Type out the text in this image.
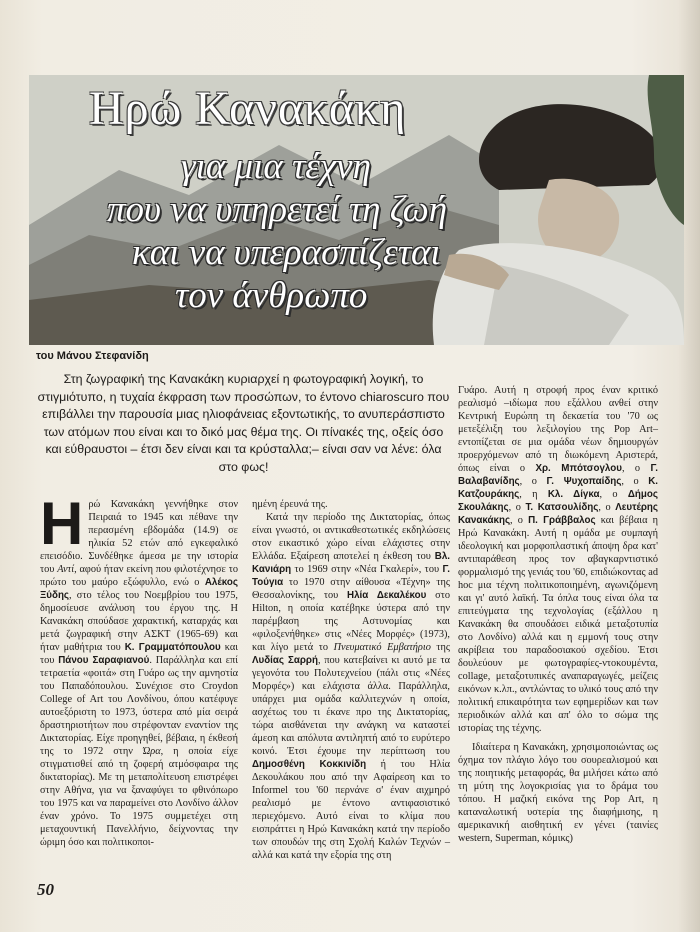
Ηρώ Κανακάκη
για μια τέχνη
που να υπηρετεί τη ζωή
και να υπερασπίζεται
τον άνθρωπο
του Μάνου Στεφανίδη
Στη ζωγραφική της Κανακάκη κυριαρχεί η φωτογραφική λογική, το στιγμιότυπο, η τυχαία έκφραση των προσώπων, το έντονο chiaroscuro που επιβάλλει την παρουσία μιας ηλιοφάνειας εξοντωτικής, το ανυπεράσπιστο των ατόμων που είναι και το δικό μας θέμα της. Οι πίνακές της, οξείς όσο και εύθραυστοι – έτσι δεν είναι και τα κρύσταλλα;– είναι σαν να λένε: όλα στο φως!

Ηρώ Κανακάκη γεννήθηκε στον Πειραιά το 1945 και πέθανε την περασμένη εβδομάδα (14.9) σε ηλικία 52 ετών από εγκεφαλικό επεισόδιο. Συνδέθηκε άμεσα με την ιστορία του Αντί, αφού ήταν εκείνη που φιλοτέχνησε το πρώτο του μαύρο εξώφυλλο, ενώ ο Αλέκος Ξύδης, στο τέλος του Νοεμβρίου του 1975, δημοσίευσε ανάλυση του έργου της. Η Κανακάκη σπούδασε χαρακτική, καταρχάς και μετά ζωγραφική στην ΑΣΚΤ (1965-69) και ήταν μαθήτρια του Κ. Γραμματόπουλου και του Πάνου Σαραφιανού. Παράλληλα και επί τετραετία «φοιτά» στη Γυάρο ως την αμνηστία του Παπαδόπουλου. Συνέχισε στο Croydon College of Art του Λονδίνου, όπου κατέφυγε αυτοεξόριστη το 1973, ύστερα από μία σειρά δραστηριοτήτων που στρέφονταν εναντίον της Δικτατορίας. Είχε προηγηθεί, βέβαια, η έκθεσή της το 1972 στην Ώρα, η οποία είχε στιγματισθεί από τη ζοφερή ατμόσφαιρα της δικτατορίας). Με τη μεταπολίτευση επιστρέφει στην Αθήνα, για να ξαναφύγει το φθινόπωρο του 1975 και να παραμείνει στο Λονδίνο άλλον έναν χρόνο. Το 1975 συμμετέχει στη μεταχουντική Πανελλήνιο, δείχνοντας την ώριμη όσο και πολιτικοποι-

ημένη έρευνά της.

Κατά την περίοδο της Δικτατορίας, όπως είναι γνωστό, οι αντικαθεστωτικές εκδηλώσεις στον εικαστικό χώρο είναι ελάχιστες στην Ελλάδα. Εξαίρεση αποτελεί η έκθεση του Βλ. Κανιάρη το 1969 στην «Νέα Γκαλερί», του Γ. Τούγια το 1970 στην αίθουσα «Τέχνη» της Θεσσαλονίκης, του Ηλία Δεκαλέκου στο Hilton, η οποία κατέβηκε ύστερα από την παρέμβαση της Αστυνομίας και «φιλοξενήθηκε» στις «Νέες Μορφές» (1973), και λίγο μετά το Πνευματικό Εμβατήριο της Λυδίας Σαρρή, που κατεβαίνει κι αυτό με τα γεγονότα του Πολυτεχνείου (πάλι στις «Νέες Μορφές») και ελάχιστα άλλα. Παράλληλα, υπάρχει μια ομάδα καλλιτεχνών η οποία, ασχέτως του τι έκανε προ της Δικτατορίας, τώρα αισθάνεται την ανάγκη να καταστεί άμεση και απόλυτα αντιληπτή από το ευρύτερο κοινό. Έτσι έχουμε την περίπτωση του Δημοσθένη Κοκκινίδη ή του Ηλία Δεκουλάκου που από την Αφαίρεση και το Informel του '60 περνάνε σ' έναν αιχμηρό ρεαλισμό με έντονο αντιφασιστικό περιεχόμενο. Αυτό είναι το κλίμα που εισπράττει η Ηρώ Κανακάκη κατά την περίοδο των σπουδών της στη Σχολή Καλών Τεχνών – αλλά και κατά την εξορία της στη

Γυάρο. Αυτή η στροφή προς έναν κριτικό ρεαλισμό –ιδίωμα που εξάλλου ανθεί στην Κεντρική Ευρώπη τη δεκαετία του '70 ως μετεξέλιξη του λεξιλογίου της Pop Art– εντοπίζεται σε μια ομάδα νέων δημιουργών προερχόμενων από τη διωκόμενη Αριστερά, όπως είναι ο Χρ. Μπότσογλου, ο Γ. Βαλαβανίδης, ο Γ. Ψυχοπαίδης, ο Κ. Κατζουράκης, η Κλ. Δίγκα, ο Δήμος Σκουλάκης, ο Τ. Κατσουλίδης, ο Λευτέρης Κανακάκης, ο Π. Γράββαλος και βέβαια η Ηρώ Κανακάκη. Αυτή η ομάδα με συμπαγή ιδεολογική και μορφοπλαστική άποψη δρα κατ' αντιπαράθεση προς τον αβαγκαρντιστικό φορμαλισμό της γενιάς του '60, επιδιώκοντας ad hoc μια τέχνη πολιτικοποιημένη, αγωνιζόμενη και γι' αυτό λαϊκή. Τα όπλα τους είναι όλα τα επιτεύγματα της τεχνολογίας (εξάλλου η Κανακάκη θα σπουδάσει ειδικά μεταξοτυπία στο Λονδίνο) αλλά και η εμμονή τους στην ακρίβεια του παραδοσιακού σχεδίου. Έτσι δουλεύουν με φωτογραφίες-ντοκουμέντα, collage, μεταξοτυπικές αναπαραγωγές, μείζεις εικόνων κ.λπ., αντλώντας το υλικό τους από την πολιτική επικαιρότητα των εφημερίδων και των περιοδικών αλλά και απ' όλο το σώμα της ιστορίας της τέχνης.

Ιδιαίτερα η Κανακάκη, χρησιμοποιώντας ως όχημα τον πλάγιο λόγο του σουρεαλισμού και της ποιητικής μεταφοράς, θα μιλήσει κάτω από τη μύτη της λογοκρισίας για το δράμα του τόπου. Η μαζική εικόνα της Pop Art, η καταναλωτική υστερία της διαφήμισης, η αμερικανική αισθητική εν γένει (ταινίες western, Superman, κόμικς)

50
